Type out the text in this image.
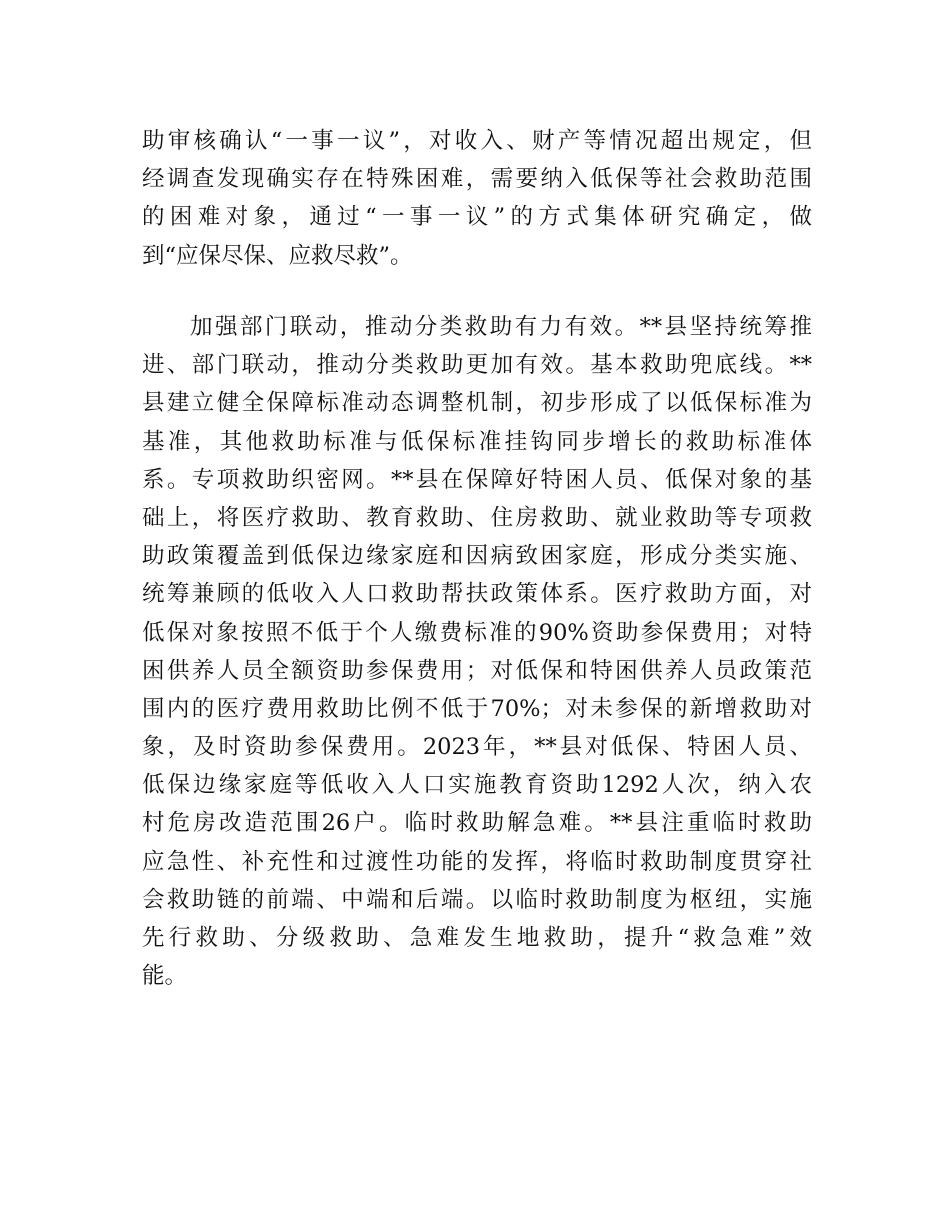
助审核确认“一事一议”，对收入、财产等情况超出规定，但
经调查发现确实存在特殊困难，需要纳入低保等社会救助范围
的困难对象，通过“一事一议”的方式集体研究确定，做
到“应保尽保、应救尽救”。
加强部门联动，推动分类救助有力有效。**县坚持统筹推
进、部门联动，推动分类救助更加有效。基本救助兜底线。**
县建立健全保障标准动态调整机制，初步形成了以低保标准为
基准，其他救助标准与低保标准挂钩同步增长的救助标准体
系。专项救助织密网。**县在保障好特困人员、低保对象的基
础上，将医疗救助、教育救助、住房救助、就业救助等专项救
助政策覆盖到低保边缘家庭和因病致困家庭，形成分类实施、
统筹兼顾的低收入人口救助帮扶政策体系。医疗救助方面，对
低保对象按照不低于个人缴费标准的90%资助参保费用；对特
困供养人员全额资助参保费用；对低保和特困供养人员政策范
围内的医疗费用救助比例不低于70%；对未参保的新增救助对
象，及时资助参保费用。2023年，**县对低保、特困人员、
低保边缘家庭等低收入人口实施教育资助1292人次，纳入农
村危房改造范围26户。临时救助解急难。**县注重临时救助
应急性、补充性和过渡性功能的发挥，将临时救助制度贯穿社
会救助链的前端、中端和后端。以临时救助制度为枢纽，实施
先行救助、分级救助、急难发生地救助，提升“救急难”效
能。
